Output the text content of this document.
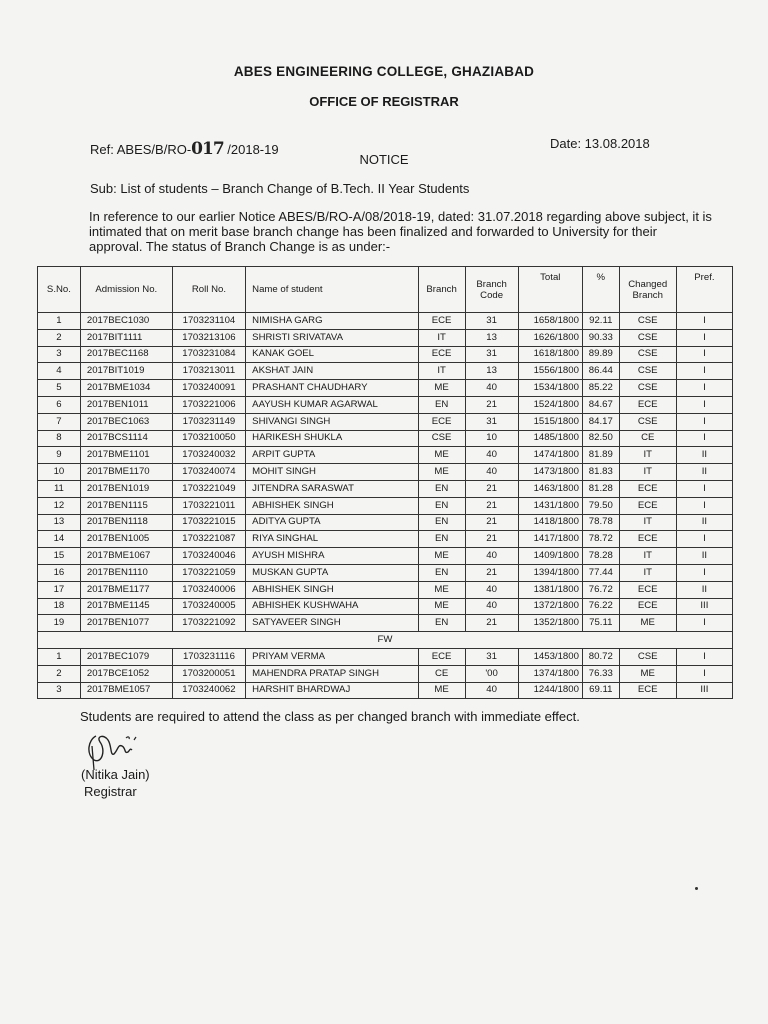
ABES ENGINEERING COLLEGE, GHAZIABAD
OFFICE OF REGISTRAR
Ref: ABES/B/RO-017 /2018-19	Date: 13.08.2018
NOTICE
Sub: List of students – Branch Change of B.Tech. II Year Students
In reference to our earlier Notice ABES/B/RO-A/08/2018-19, dated: 31.07.2018 regarding above subject, it is intimated that on merit base branch change has been finalized and forwarded to University for their approval. The status of Branch Change is as under:-
S.No.	Admission No.	Roll No.	Name of student	Branch	Branch Code	Total	%	Changed Branch	Pref.
1	2017BEC1030	1703231104	NIMISHA GARG	ECE	31	1658/1800	92.11	CSE	I
2	2017BIT1111	1703213106	SHRISTI SRIVATAVA	IT	13	1626/1800	90.33	CSE	I
3	2017BEC1168	1703231084	KANAK GOEL	ECE	31	1618/1800	89.89	CSE	I
4	2017BIT1019	1703213011	AKSHAT JAIN	IT	13	1556/1800	86.44	CSE	I
5	2017BME1034	1703240091	PRASHANT CHAUDHARY	ME	40	1534/1800	85.22	CSE	I
6	2017BEN1011	1703221006	AAYUSH KUMAR AGARWAL	EN	21	1524/1800	84.67	ECE	I
7	2017BEC1063	1703231149	SHIVANGI SINGH	ECE	31	1515/1800	84.17	CSE	I
8	2017BCS1114	1703210050	HARIKESH SHUKLA	CSE	10	1485/1800	82.50	CE	I
9	2017BME1101	1703240032	ARPIT GUPTA	ME	40	1474/1800	81.89	IT	II
10	2017BME1170	1703240074	MOHIT SINGH	ME	40	1473/1800	81.83	IT	II
11	2017BEN1019	1703221049	JITENDRA SARASWAT	EN	21	1463/1800	81.28	ECE	I
12	2017BEN1115	1703221011	ABHISHEK SINGH	EN	21	1431/1800	79.50	ECE	I
13	2017BEN1118	1703221015	ADITYA GUPTA	EN	21	1418/1800	78.78	IT	II
14	2017BEN1005	1703221087	RIYA SINGHAL	EN	21	1417/1800	78.72	ECE	I
15	2017BME1067	1703240046	AYUSH MISHRA	ME	40	1409/1800	78.28	IT	II
16	2017BEN1110	1703221059	MUSKAN GUPTA	EN	21	1394/1800	77.44	IT	I
17	2017BME1177	1703240006	ABHISHEK SINGH	ME	40	1381/1800	76.72	ECE	II
18	2017BME1145	1703240005	ABHISHEK KUSHWAHA	ME	40	1372/1800	76.22	ECE	III
19	2017BEN1077	1703221092	SATYAVEER SINGH	EN	21	1352/1800	75.11	ME	I
FW									
1	2017BEC1079	1703231116	PRIYAM VERMA	ECE	31	1453/1800	80.72	CSE	I
2	2017BCE1052	1703200051	MAHENDRA PRATAP SINGH	CE	'00	1374/1800	76.33	ME	I
3	2017BME1057	1703240062	HARSHIT BHARDWAJ	ME	40	1244/1800	69.11	ECE	III
Students are required to attend the class as per changed branch with immediate effect.
(Nitika Jain)
Registrar
